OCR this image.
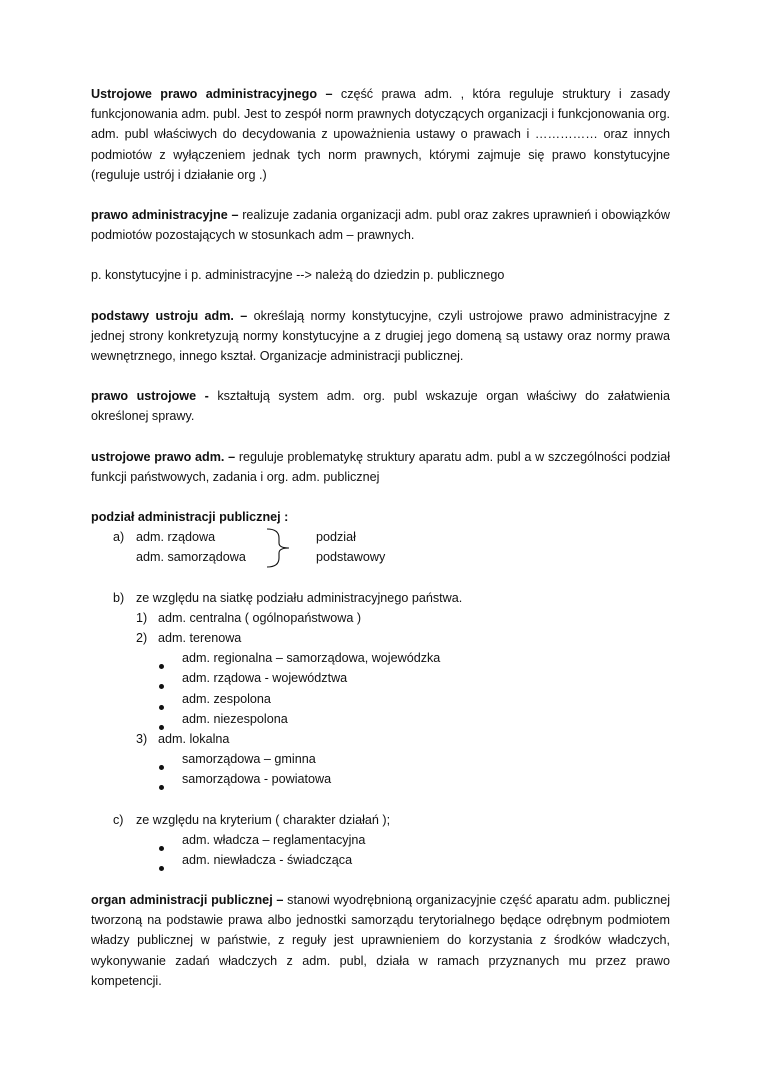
Ustrojowe prawo administracyjnego – część prawa adm. , która reguluje struktury i zasady funkcjonowania adm. publ. Jest to zespół norm prawnych dotyczących organizacji i funkcjonowania org. adm. publ właściwych do decydowania z upoważnienia ustawy o prawach i …………… oraz innych podmiotów z wyłączeniem jednak tych norm prawnych, którymi zajmuje się prawo konstytucyjne (reguluje ustrój i działanie org .)

prawo administracyjne – realizuje zadania organizacji adm. publ oraz zakres uprawnień i obowiązków podmiotów pozostających w stosunkach adm – prawnych.

p. konstytucyjne i p. administracyjne --> należą do dziedzin p. publicznego

podstawy ustroju adm. – określają normy konstytucyjne, czyli ustrojowe prawo administracyjne z jednej strony konkretyzują normy konstytucyjne a z drugiej jego domeną są ustawy oraz normy prawa wewnętrznego, innego kształ. Organizacje administracji publicznej.

prawo ustrojowe - kształtują system adm. org. publ wskazuje organ właściwy do załatwienia określonej sprawy.

ustrojowe prawo adm. – reguluje problematykę struktury aparatu adm. publ a w szczególności podział funkcji państwowych, zadania i org. adm. publicznej

podział administracji publicznej :

a) adm. rządowa	podział
adm. samorządowa	podstawowy
b) ze względu na siatkę podziału administracyjnego państwa.
1) adm. centralna ( ogólnopaństwowa )
2) adm. terenowa
adm. regionalna – samorządowa, wojewódzka
adm. rządowa - województwa
adm. zespolona
adm. niezespolona
3) adm. lokalna
samorządowa – gminna
samorządowa - powiatowa
c) ze względu na kryterium ( charakter działań );
adm. władcza – reglamentacyjna
adm. niewładcza - świadcząca

organ administracji publicznej – stanowi wyodrębnioną organizacyjnie część aparatu adm. publicznej tworzoną na podstawie prawa albo jednostki samorządu terytorialnego będące odrębnym podmiotem władzy publicznej w państwie, z reguły jest uprawnieniem do korzystania z środków władczych, wykonywanie zadań władczych z adm. publ, działa w ramach przyznanych mu przez prawo kompetencji.
